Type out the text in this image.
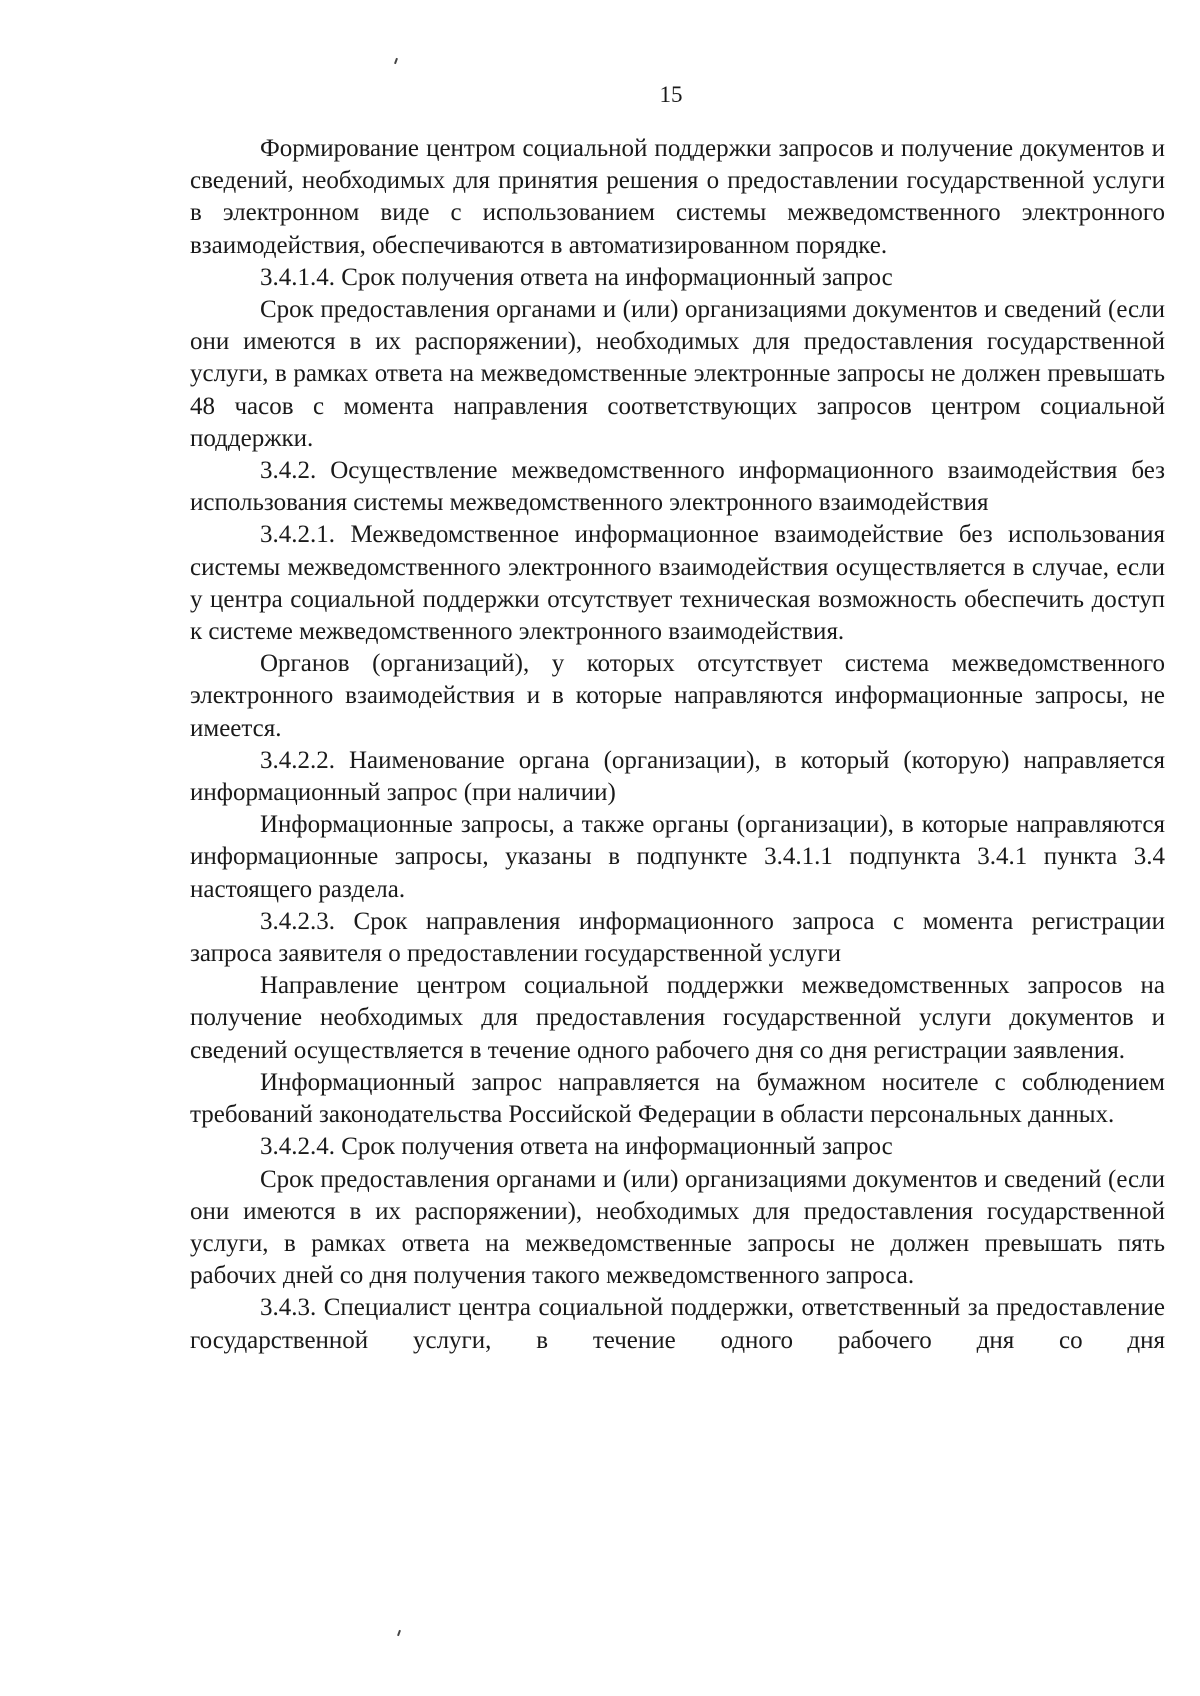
15

Формирование центром социальной поддержки запросов и получение документов и сведений, необходимых для принятия решения о предоставлении государственной услуги в электронном виде с использованием системы межведомственного электронного взаимодействия, обеспечиваются в автоматизированном порядке.

3.4.1.4. Срок получения ответа на информационный запрос

Срок предоставления органами и (или) организациями документов и сведений (если они имеются в их распоряжении), необходимых для предоставления государственной услуги, в рамках ответа на межведомственные электронные запросы не должен превышать 48 часов с момента направления соответствующих запросов центром социальной поддержки.

3.4.2. Осуществление межведомственного информационного взаимодействия без использования системы межведомственного электронного взаимодействия

3.4.2.1. Межведомственное информационное взаимодействие без использования системы межведомственного электронного взаимодействия осуществляется в случае, если у центра социальной поддержки отсутствует техническая возможность обеспечить доступ к системе межведомственного электронного взаимодействия.

Органов (организаций), у которых отсутствует система межведомственного электронного взаимодействия и в которые направляются информационные запросы, не имеется.

3.4.2.2. Наименование органа (организации), в который (которую) направляется информационный запрос (при наличии)

Информационные запросы, а также органы (организации), в которые направляются информационные запросы, указаны в подпункте 3.4.1.1 подпункта 3.4.1 пункта 3.4 настоящего раздела.

3.4.2.3. Срок направления информационного запроса с момента регистрации запроса заявителя о предоставлении государственной услуги

Направление центром социальной поддержки межведомственных запросов на получение необходимых для предоставления государственной услуги документов и сведений осуществляется в течение одного рабочего дня со дня регистрации заявления.

Информационный запрос направляется на бумажном носителе с соблюдением требований законодательства Российской Федерации в области персональных данных.

3.4.2.4. Срок получения ответа на информационный запрос

Срок предоставления органами и (или) организациями документов и сведений (если они имеются в их распоряжении), необходимых для предоставления государственной услуги, в рамках ответа на межведомственные запросы не должен превышать пять рабочих дней со дня получения такого межведомственного запроса.

3.4.3. Специалист центра социальной поддержки, ответственный за предоставление государственной услуги, в течение одного рабочего дня со дня
